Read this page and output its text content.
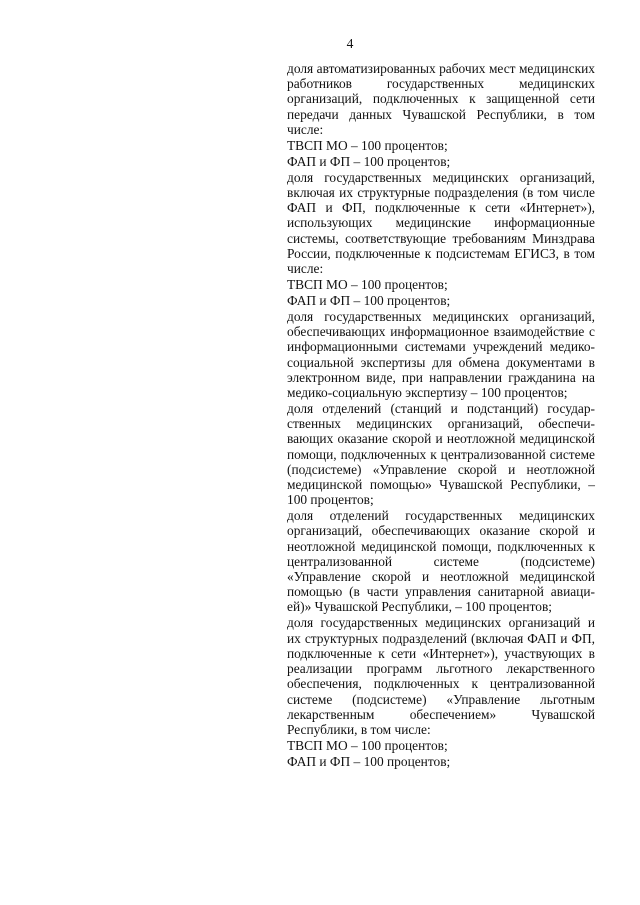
4

доля автоматизированных рабочих мест медицинских работников государственных медицинских организаций, подключенных к защищенной сети передачи данных Чувашской Республики, в том числе:

ТВСП МО – 100 процентов;

ФАП и ФП – 100 процентов;

доля государственных медицинских организаций, включая их структурные подразделения (в том числе ФАП и ФП, подключенные к сети «Интернет»), использующих медицинские информационные системы, соответствующие требованиям Минздрава России, подключенные к подсистемам ЕГИСЗ, в том числе:

ТВСП МО – 100 процентов;

ФАП и ФП – 100 процентов;

доля государственных медицинских организаций, обеспечивающих информационное взаимодействие с информационными системами учреждений медико-социальной экспертизы для обмена документами в электронном виде, при направлении гражданина на медико-социальную экспертизу – 100 процентов;

доля отделений (станций и подстанций) государственных медицинских организаций, обеспечивающих оказание скорой и неотложной медицинской помощи, подключенных к централизованной системе (подсистеме) «Управление скорой и неотложной медицинской помощью» Чувашской Республики, – 100 процентов;

доля отделений государственных медицинских организаций, обеспечивающих оказание скорой и неотложной медицинской помощи, подключенных к централизованной системе (подсистеме) «Управление скорой и неотложной медицинской помощью (в части управления санитарной авиацией)» Чувашской Республики, – 100 процентов;

доля государственных медицинских организаций и их структурных подразделений (включая ФАП и ФП, подключенные к сети «Интернет»), участвующих в реализации программ льготного лекарственного обеспечения, подключенных к централизованной системе (подсистеме) «Управление льготным лекарственным обеспечением» Чувашской Республики, в том числе:

ТВСП МО – 100 процентов;

ФАП и ФП – 100 процентов;
